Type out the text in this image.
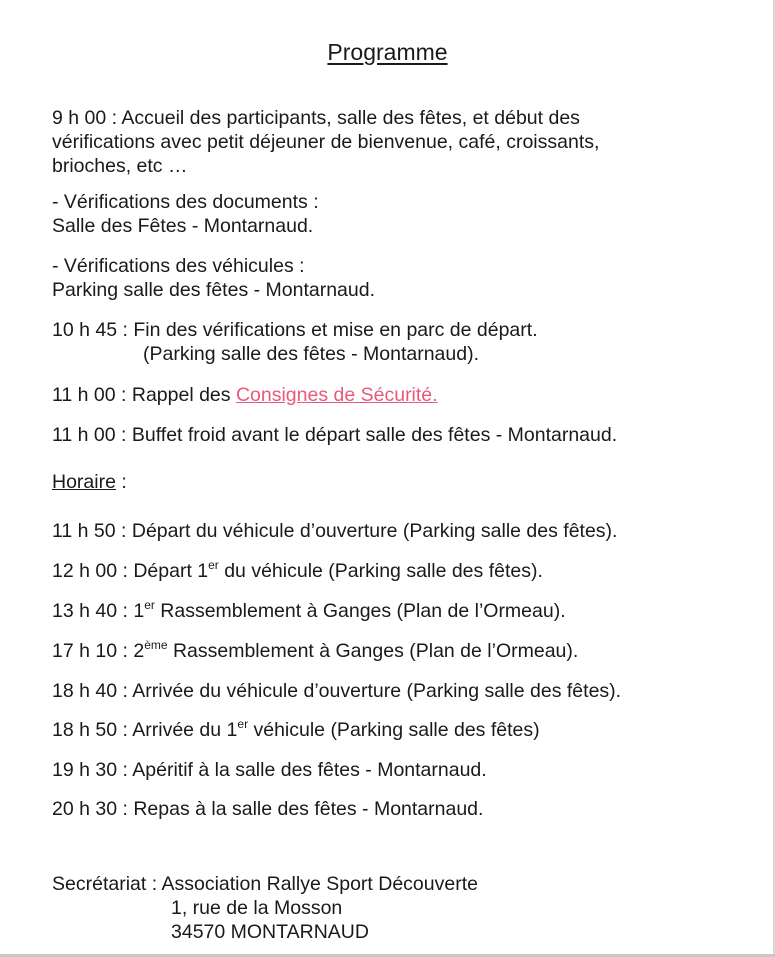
Programme
9 h 00 : Accueil des participants, salle des fêtes, et début des
vérifications avec petit déjeuner de bienvenue, café, croissants,
brioches, etc …
- Vérifications des documents :
Salle des Fêtes - Montarnaud.
- Vérifications des véhicules :
Parking salle des fêtes - Montarnaud.
10 h 45 : Fin des vérifications et mise en parc de départ.
(Parking salle des fêtes - Montarnaud).
11 h 00 : Rappel des Consignes de Sécurité.
11 h 00 : Buffet froid avant le départ salle des fêtes - Montarnaud.
Horaire :
11 h 50 : Départ du véhicule d’ouverture (Parking salle des fêtes).
12 h 00 : Départ 1er du véhicule (Parking salle des fêtes).
13 h 40 : 1er Rassemblement à Ganges (Plan de l’Ormeau).
17 h 10 : 2ème Rassemblement à Ganges (Plan de l’Ormeau).
18 h 40 : Arrivée du véhicule d’ouverture (Parking salle des fêtes).
18 h 50 : Arrivée du 1er véhicule (Parking salle des fêtes)
19 h 30 : Apéritif à la salle des fêtes - Montarnaud.
20 h 30 : Repas à la salle des fêtes - Montarnaud.
Secrétariat : Association Rallye Sport Découverte
1, rue de la Mosson
34570 MONTARNAUD
